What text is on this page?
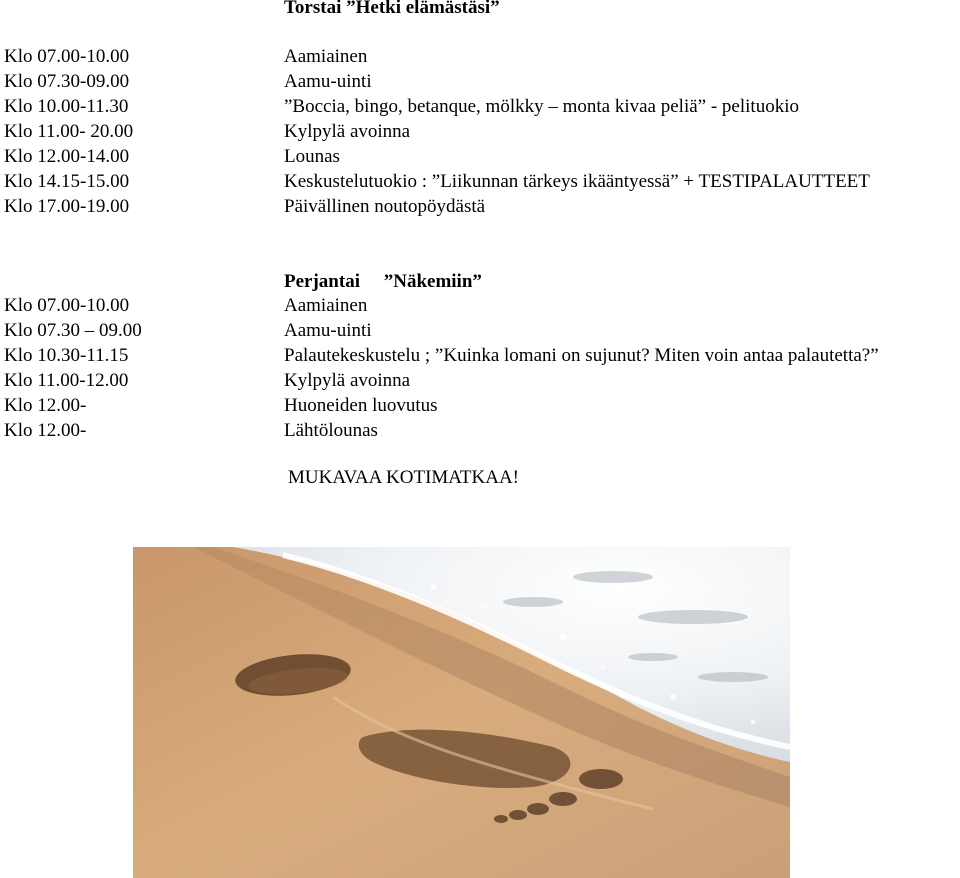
Torstai ”Hetki elämästäsi”
Klo 07.00-10.00	Aamiainen
Klo 07.30-09.00	Aamu-uinti
Klo 10.00-11.30	”Boccia, bingo, betanque, mölkky – monta kivaa peliä” - pelituokio
Klo 11.00- 20.00	Kylpylä avoinna
Klo 12.00-14.00	Lounas
Klo 14.15-15.00	Keskustelutuokio : ”Liikunnan tärkeys ikääntyessä” + TESTIPALAUTTEET
Klo 17.00-19.00	Päivällinen noutopöydästä
Perjantai     ”Näkemiin”
Klo 07.00-10.00	Aamiainen
Klo 07.30 – 09.00	Aamu-uinti
Klo 10.30-11.15	Palautekeskustelu ; ”Kuinka lomani on sujunut? Miten voin antaa palautetta?”
Klo 11.00-12.00	Kylpylä avoinna
Klo 12.00-	Huoneiden luovutus
Klo 12.00-	Lähtölounas
MUKAVAA KOTIMATKAA!
